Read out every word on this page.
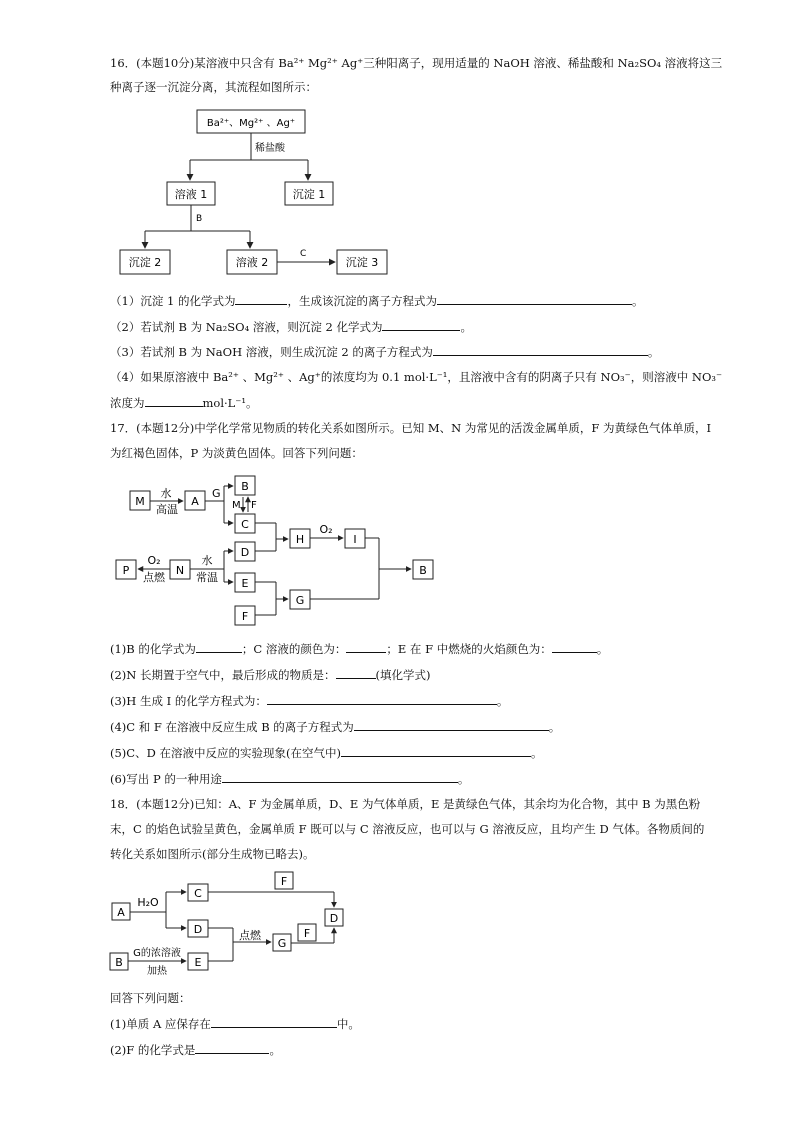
16．(本题10分)某溶液中只含有 Ba²⁺ Mg²⁺ Ag⁺三种阳离子，现用适量的 NaOH 溶液、稀盐酸和 Na₂SO₄ 溶液将这三
种离子逐一沉淀分离，其流程如图所示：
Ba²⁺、Mg²⁺ 、Ag⁺
稀盐酸
溶液 1	沉淀 1
B
沉淀 2	溶液 2
C
沉淀 3
（1）沉淀 1 的化学式为	，生成该沉淀的离子方程式为	。
（2）若试剂 B 为 Na₂SO₄ 溶液，则沉淀 2 化学式为	。
（3）若试剂 B 为 NaOH 溶液，则生成沉淀 2 的离子方程式为	。
（4）如果原溶液中 Ba²⁺ 、Mg²⁺ 、Ag⁺的浓度均为 0.1 mol·L⁻¹，且溶液中含有的阴离子只有 NO₃⁻，则溶液中 NO₃⁻
浓度为	mol·L⁻¹。
17．(本题12分)中学化学常见物质的转化关系如图所示。已知 M、N 为常见的活泼金属单质，F 为黄绿色气体单质，I
为红褐色固体，P 为淡黄色固体。回答下列问题：
M
水
高温
A
G
B
M F
C
H
O₂
I
D
P
O₂
点燃
N
水
常温 E
F
G
B
(1)B 的化学式为	；C 溶液的颜色为：	；E 在 F 中燃烧的火焰颜色为：	。
(2)N 长期置于空气中，最后形成的物质是：	(填化学式)
(3)H 生成 I 的化学方程式为：	。
(4)C 和 F 在溶液中反应生成 B 的离子方程式为	。
(5)C、D 在溶液中反应的实验现象(在空气中)	。
(6)写出 P 的一种用途	。
18．(本题12分)已知：A、F 为金属单质，D、E 为气体单质，E 是黄绿色气体，其余均为化合物，其中 B 为黑色粉
末，C 的焰色试验呈黄色，金属单质 F 既可以与 C 溶液反应，也可以与 G 溶液反应，且均产生 D 气体。各物质间的
转化关系如图所示(部分生成物已略去)。
A
H₂O
C
F
D
D	点燃
G
F
B
G的浓溶液
加热
E
回答下列问题：
(1)单质 A 应保存在	中。
(2)F 的化学式是	。
